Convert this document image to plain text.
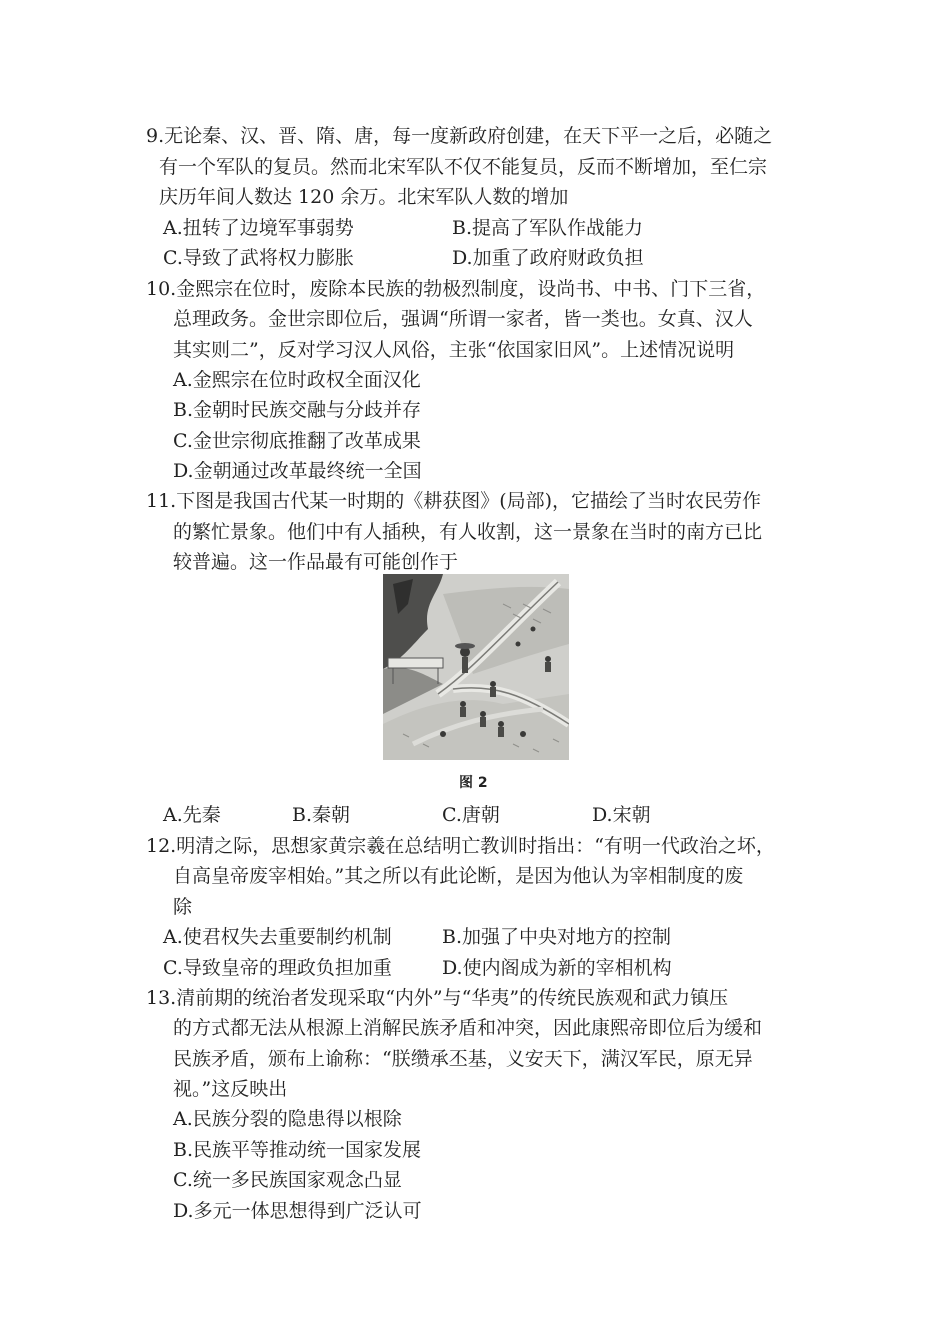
9.无论秦、汉、晋、隋、唐，每一度新政府创建，在天下平一之后，必随之
有一个军队的复员。然而北宋军队不仅不能复员，反而不断增加，至仁宗
庆历年间人数达 120 余万。北宋军队人数的增加
A.扭转了边境军事弱势	B.提高了军队作战能力
C.导致了武将权力膨胀	D.加重了政府财政负担
10.金熙宗在位时，废除本民族的勃极烈制度，设尚书、中书、门下三省，
总理政务。金世宗即位后，强调“所谓一家者，皆一类也。女真、汉人
其实则二”，反对学习汉人风俗，主张“依国家旧风”。上述情况说明
A.金熙宗在位时政权全面汉化
B.金朝时民族交融与分歧并存
C.金世宗彻底推翻了改革成果
D.金朝通过改革最终统一全国
11.下图是我国古代某一时期的《耕获图》(局部)，它描绘了当时农民劳作
的繁忙景象。他们中有人插秧，有人收割，这一景象在当时的南方已比
较普遍。这一作品最有可能创作于
图 2
A.先秦	B.秦朝	C.唐朝	D.宋朝
12.明清之际，思想家黄宗羲在总结明亡教训时指出：“有明一代政治之坏，
自高皇帝废宰相始。”其之所以有此论断，是因为他认为宰相制度的废
除
A.使君权失去重要制约机制	B.加强了中央对地方的控制
C.导致皇帝的理政负担加重	D.使内阁成为新的宰相机构
13.清前期的统治者发现采取“内外”与“华夷”的传统民族观和武力镇压
的方式都无法从根源上消解民族矛盾和冲突，因此康熙帝即位后为缓和
民族矛盾，颁布上谕称：“朕缵承丕基，义安天下，满汉军民，原无异
视。”这反映出
A.民族分裂的隐患得以根除
B.民族平等推动统一国家发展
C.统一多民族国家观念凸显
D.多元一体思想得到广泛认可
